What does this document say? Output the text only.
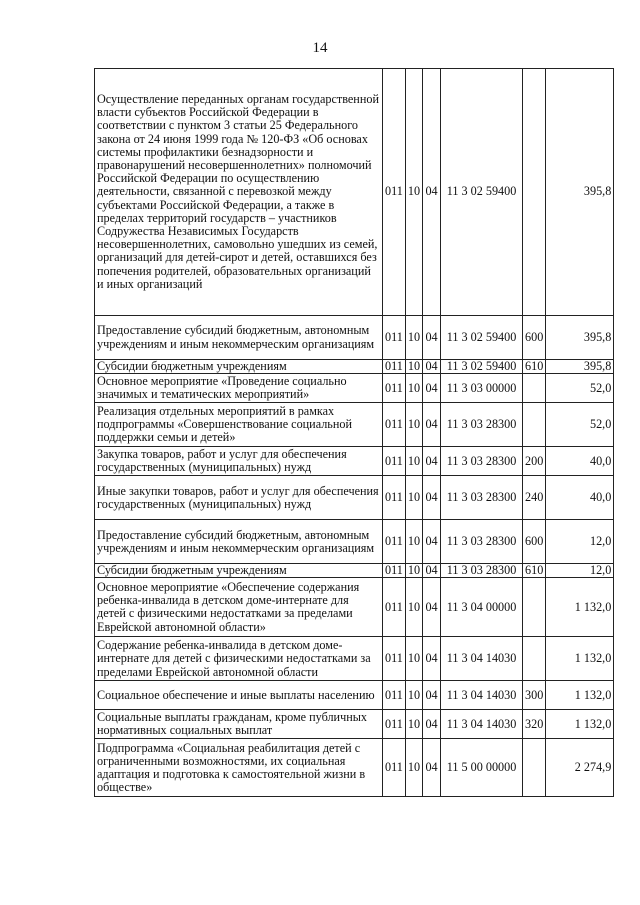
14
Осуществление переданных органам государственной власти субъектов Российской Федерации в соответствии с пунктом 3 статьи 25 Федерального закона от 24 июня 1999 года № 120-ФЗ «Об основах системы профилактики безнадзорности и правонарушений несовершеннолетних» полномочий Российской Федерации по осуществлению деятельности, связанной с перевозкой между субъектами Российской Федерации, а также в пределах территорий государств – участников Содружества Независимых Государств несовершеннолетних, самовольно ушедших из семей, организаций для детей-сирот и детей, оставшихся без попечения родителей, образовательных организаций и иных организаций	011	10	04	11 3 02 59400		395,8
Предоставление субсидий бюджетным, автономным учреждениям и иным некоммерческим организациям	011	10	04	11 3 02 59400	600	395,8
Субсидии бюджетным учреждениям	011	10	04	11 3 02 59400	610	395,8
Основное мероприятие «Проведение социально значимых и тематических мероприятий»	011	10	04	11 3 03 00000		52,0
Реализация отдельных мероприятий в рамках подпрограммы «Совершенствование социальной поддержки семьи и детей»	011	10	04	11 3 03 28300		52,0
Закупка товаров, работ и услуг для обеспечения государственных (муниципальных) нужд	011	10	04	11 3 03 28300	200	40,0
Иные закупки товаров, работ и услуг для обеспечения государственных (муниципальных) нужд	011	10	04	11 3 03 28300	240	40,0
Предоставление субсидий бюджетным, автономным учреждениям и иным некоммерческим организациям	011	10	04	11 3 03 28300	600	12,0
Субсидии бюджетным учреждениям	011	10	04	11 3 03 28300	610	12,0
Основное мероприятие «Обеспечение содержания ребенка-инвалида в детском доме-интернате для детей с физическими недостатками за пределами Еврейской автономной области»	011	10	04	11 3 04 00000		1 132,0
Содержание ребенка-инвалида в детском доме-интернате для детей с физическими недостатками за пределами Еврейской автономной области	011	10	04	11 3 04 14030		1 132,0
Социальное обеспечение и иные выплаты населению	011	10	04	11 3 04 14030	300	1 132,0
Социальные выплаты гражданам, кроме публичных нормативных социальных выплат	011	10	04	11 3 04 14030	320	1 132,0
Подпрограмма «Социальная реабилитация детей с ограниченными возможностями, их социальная адаптация и подготовка к самостоятельной жизни в обществе»	011	10	04	11 5 00 00000		2 274,9
